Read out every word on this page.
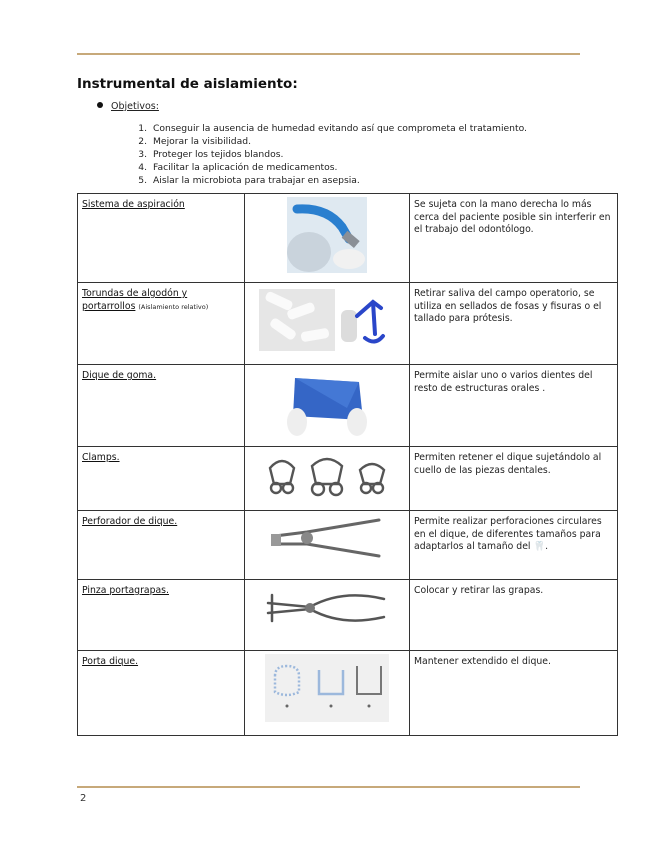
Instrumental de aislamiento:
Objetivos:
1. Conseguir la ausencia de humedad evitando así que comprometa el tratamiento.
2. Mejorar la visibilidad.
3. Proteger los tejidos blandos.
4. Facilitar la aplicación de medicamentos.
5. Aislar la microbiota para trabajar en asepsia.
Sistema de aspiración		Se sujeta con la mano derecha lo más cerca del paciente posible sin interferir en el trabajo del odontólogo.
Torundas de algodón y portarrollos (Aislamiento relativo)		Retirar saliva del campo operatorio, se utiliza en sellados de fosas y fisuras o el tallado para prótesis.
Dique de goma.		Permite aislar uno o varios dientes del resto de estructuras orales .
Clamps.		Permiten retener el dique sujetándolo al cuello de las piezas dentales.
Perforador de dique.		Permite realizar perforaciones circulares en el dique, de diferentes tamaños para adaptarlos al tamaño del 🦷.
Pinza portagrapas.		Colocar y retirar las grapas.
Porta dique.		Mantener extendido el dique.
2
